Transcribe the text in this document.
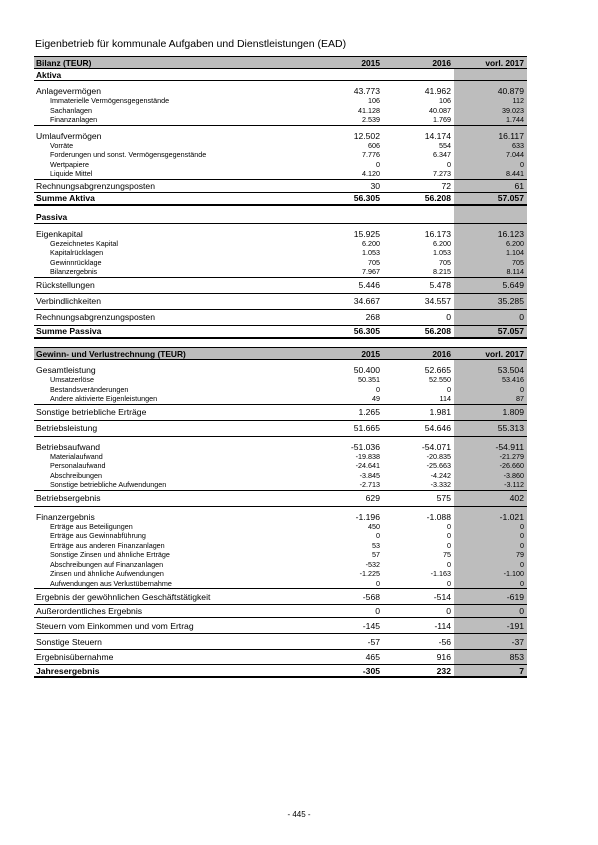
Eigenbetrieb für kommunale Aufgaben und Dienstleistungen (EAD)
Bilanz (TEUR)	2015	2016	vorl. 2017
Aktiva
Anlagevermögen	43.773	41.962	40.879
Immaterielle Vermögensgegenstände	106	106	112
Sachanlagen	41.128	40.087	39.023
Finanzanlagen	2.539	1.769	1.744
Umlaufvermögen	12.502	14.174	16.117
Vorräte	606	554	633
Forderungen und sonst. Vermögensgegenstände	7.776	6.347	7.044
Wertpapiere	0	0	0
Liquide Mittel	4.120	7.273	8.441
Rechnungsabgrenzungsposten	30	72	61
Summe Aktiva	56.305	56.208	57.057
Passiva
Eigenkapital	15.925	16.173	16.123
Gezeichnetes Kapital	6.200	6.200	6.200
Kapitalrücklagen	1.053	1.053	1.104
Gewinnrücklage	705	705	705
Bilanzergebnis	7.967	8.215	8.114
Rückstellungen	5.446	5.478	5.649
Verbindlichkeiten	34.667	34.557	35.285
Rechnungsabgrenzungsposten	268	0	0
Summe Passiva	56.305	56.208	57.057
Gewinn- und Verlustrechnung (TEUR)	2015	2016	vorl. 2017
Gesamtleistung	50.400	52.665	53.504
Umsatzerlöse	50.351	52.550	53.416
Bestandsveränderungen	0	0	0
Andere aktivierte Eigenleistungen	49	114	87
Sonstige betriebliche Erträge	1.265	1.981	1.809
Betriebsleistung	51.665	54.646	55.313
Betriebsaufwand	-51.036	-54.071	-54.911
Materialaufwand	-19.838	-20.835	-21.279
Personalaufwand	-24.641	-25.663	-26.660
Abschreibungen	-3.845	-4.242	-3.860
Sonstige betriebliche Aufwendungen	-2.713	-3.332	-3.112
Betriebsergebnis	629	575	402
Finanzergebnis	-1.196	-1.088	-1.021
Erträge aus Beteiligungen	450	0	0
Erträge aus Gewinnabführung	0	0	0
Erträge aus anderen Finanzanlagen	53	0	0
Sonstige Zinsen und ähnliche Erträge	57	75	79
Abschreibungen auf Finanzanlagen	-532	0	0
Zinsen und ähnliche Aufwendungen	-1.225	-1.163	-1.100
Aufwendungen aus Verlustübernahme	0	0	0
Ergebnis der gewöhnlichen Geschäftstätigkeit	-568	-514	-619
Außerordentliches Ergebnis	0	0	0
Steuern vom Einkommen und vom Ertrag	-145	-114	-191
Sonstige Steuern	-57	-56	-37
Ergebnisübernahme	465	916	853
Jahresergebnis	-305	232	7
- 445 -
